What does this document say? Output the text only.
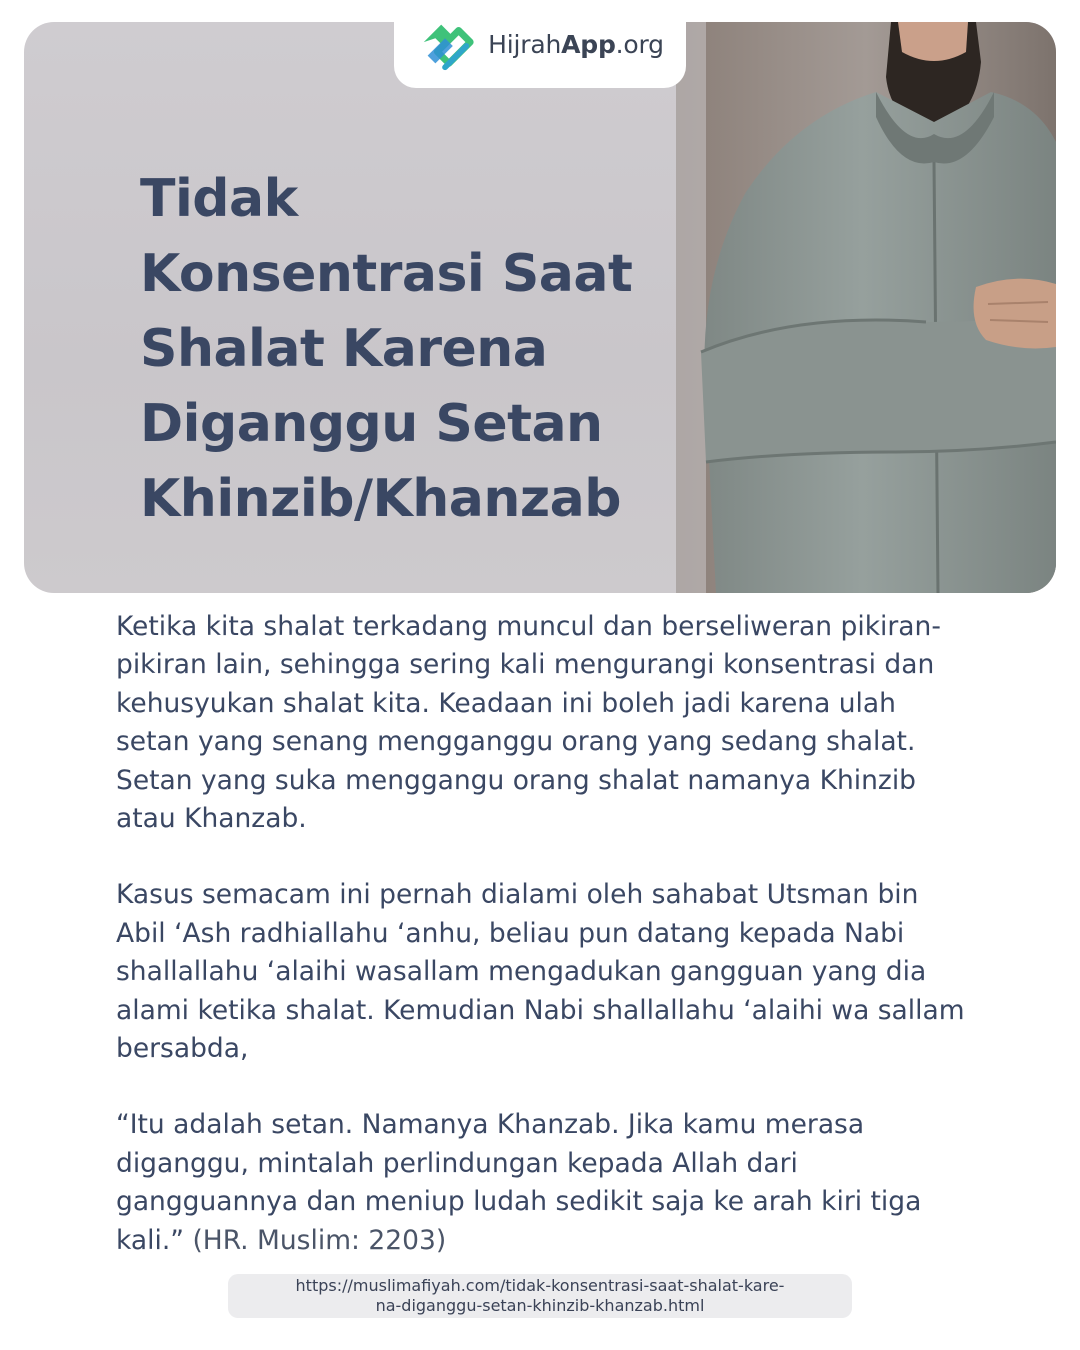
Tidak
Konsentrasi Saat
Shalat Karena
Diganggu Setan
Khinzib/Khanzab
HijrahApp.org

Ketika kita shalat terkadang muncul dan berseliweran pikiran-pikiran lain, sehingga sering kali mengurangi konsentrasi dan kehusyukan shalat kita. Keadaan ini boleh jadi karena ulah setan yang senang mengganggu orang yang sedang shalat. Setan yang suka menggangu orang shalat namanya Khinzib atau Khanzab.

Kasus semacam ini pernah dialami oleh sahabat Utsman bin Abil ‘Ash radhiallahu ‘anhu, beliau pun datang kepada Nabi shallallahu ‘alaihi wasallam mengadukan gangguan yang dia alami ketika shalat. Kemudian Nabi shallallahu ‘alaihi wa sallam bersabda,

“Itu adalah setan. Namanya Khanzab. Jika kamu merasa diganggu, mintalah perlindungan kepada Allah dari gangguannya dan meniup ludah sedikit saja ke arah kiri tiga kali.” (HR. Muslim: 2203)

https://muslimafiyah.com/tidak-konsentrasi-saat-shalat-kare-
na-diganggu-setan-khinzib-khanzab.html
